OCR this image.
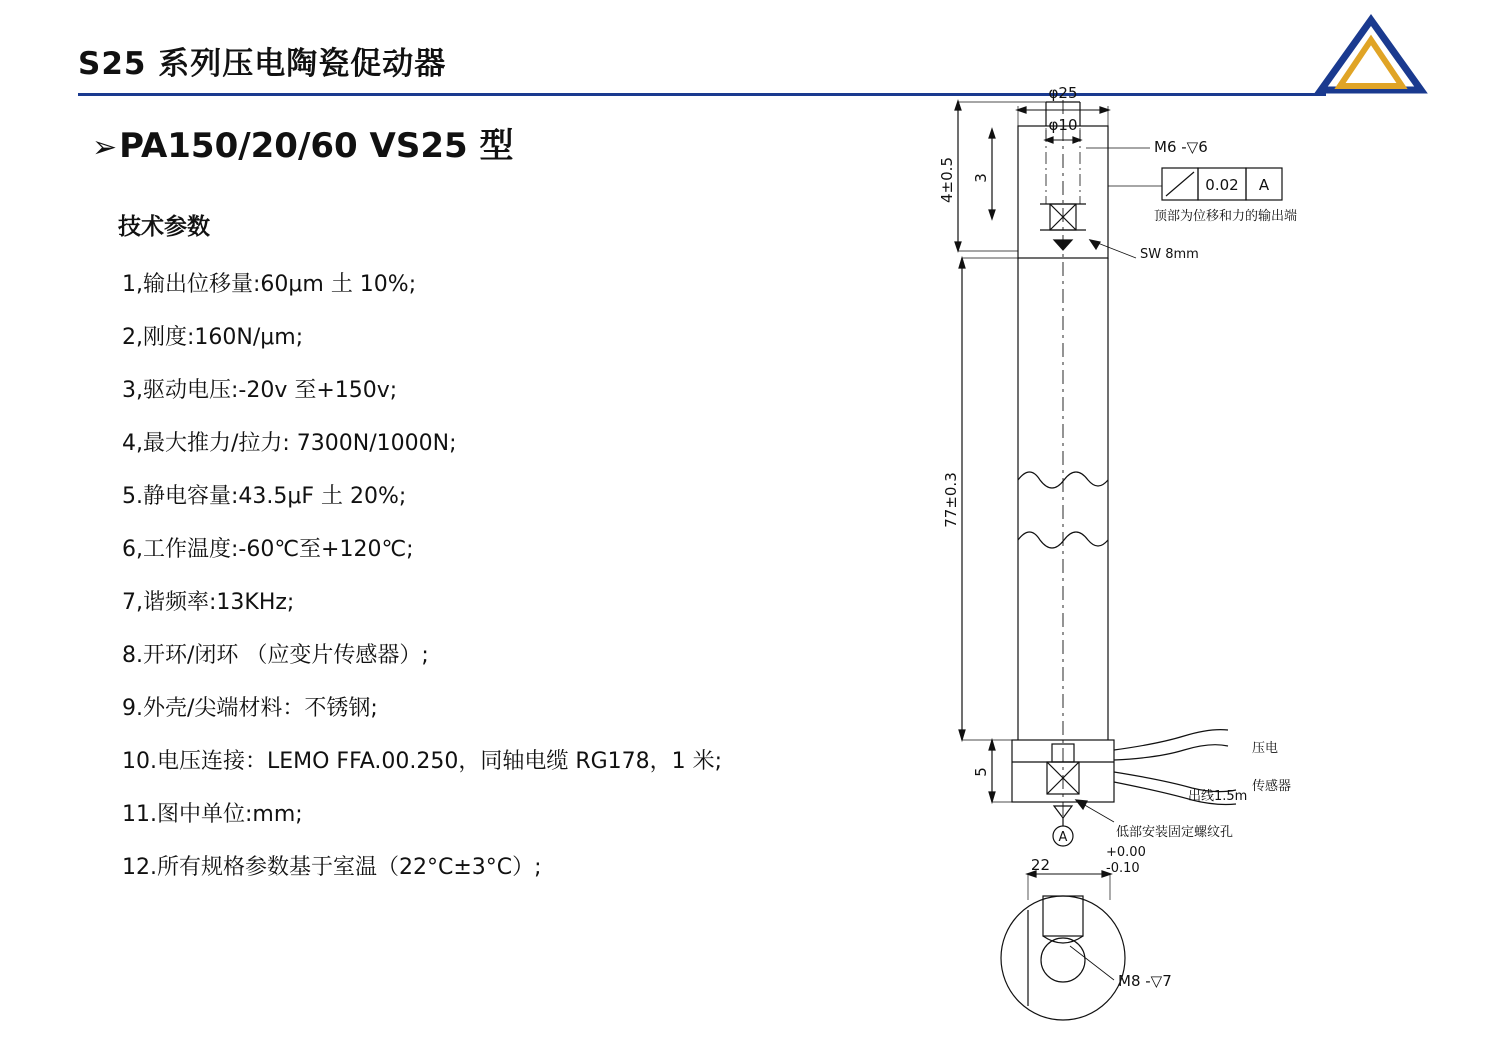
S25 系列压电陶瓷促动器
➢PA150/20/60 VS25 型
技术参数
1,输出位移量:60μm 土 10%;
2,刚度:160N/μm;
3,驱动电压:-20v 至+150v;
4,最大推力/拉力: 7300N/1000N;
5.静电容量:43.5μF 土 20%;
6,工作温度:-60℃至+120℃;
7,谐频率:13KHz;
8.开环/闭环 （应变片传感器）;
9.外壳/尖端材料：不锈钢;
10.电压连接：LEMO FFA.00.250，同轴电缆 RG178，1 米;
11.图中单位:mm;
12.所有规格参数基于室温（22°C±3°C）;
4±0.5 3
77±0.3
5
φ25
φ10
M6 -▽6
0.02 A
顶部为位移和力的输出端
SW 8mm
出线1.5m
低部安装固定螺纹孔
压电
传感器
A
22
+0.00
-0.10
M8 -▽7
